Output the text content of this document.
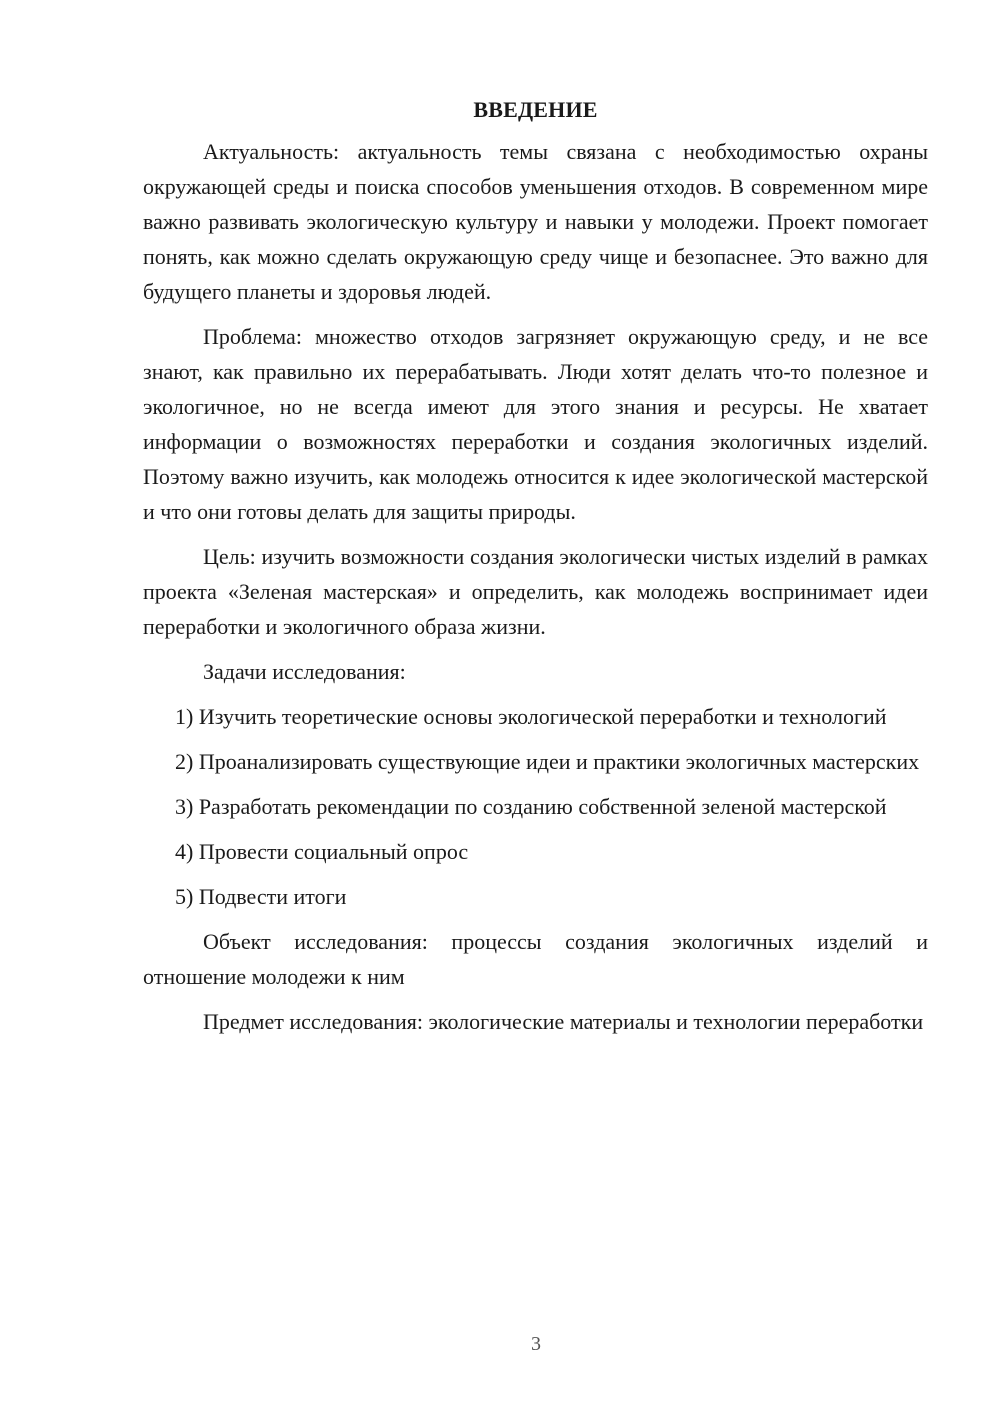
ВВЕДЕНИЕ

Актуальность: актуальность темы связана с необходимостью охраны окружающей среды и поиска способов уменьшения отходов. В современном мире важно развивать экологическую культуру и навыки у молодежи. Проект помогает понять, как можно сделать окружающую среду чище и безопаснее. Это важно для будущего планеты и здоровья людей.

Проблема: множество отходов загрязняет окружающую среду, и не все знают, как правильно их перерабатывать. Люди хотят делать что-то полезное и экологичное, но не всегда имеют для этого знания и ресурсы. Не хватает информации о возможностях переработки и создания экологичных изделий. Поэтому важно изучить, как молодежь относится к идее экологической мастерской и что они готовы делать для защиты природы.

Цель: изучить возможности создания экологически чистых изделий в рамках проекта «Зеленая мастерская» и определить, как молодежь воспринимает идеи переработки и экологичного образа жизни.

Задачи исследования:

1) Изучить теоретические основы экологической переработки и технологий

2) Проанализировать существующие идеи и практики экологичных мастерских

3) Разработать рекомендации по созданию собственной зеленой мастерской

4) Провести социальный опрос

5) Подвести итоги

Объект исследования: процессы создания экологичных изделий и отношение молодежи к ним

Предмет исследования: экологические материалы и технологии переработки

3
